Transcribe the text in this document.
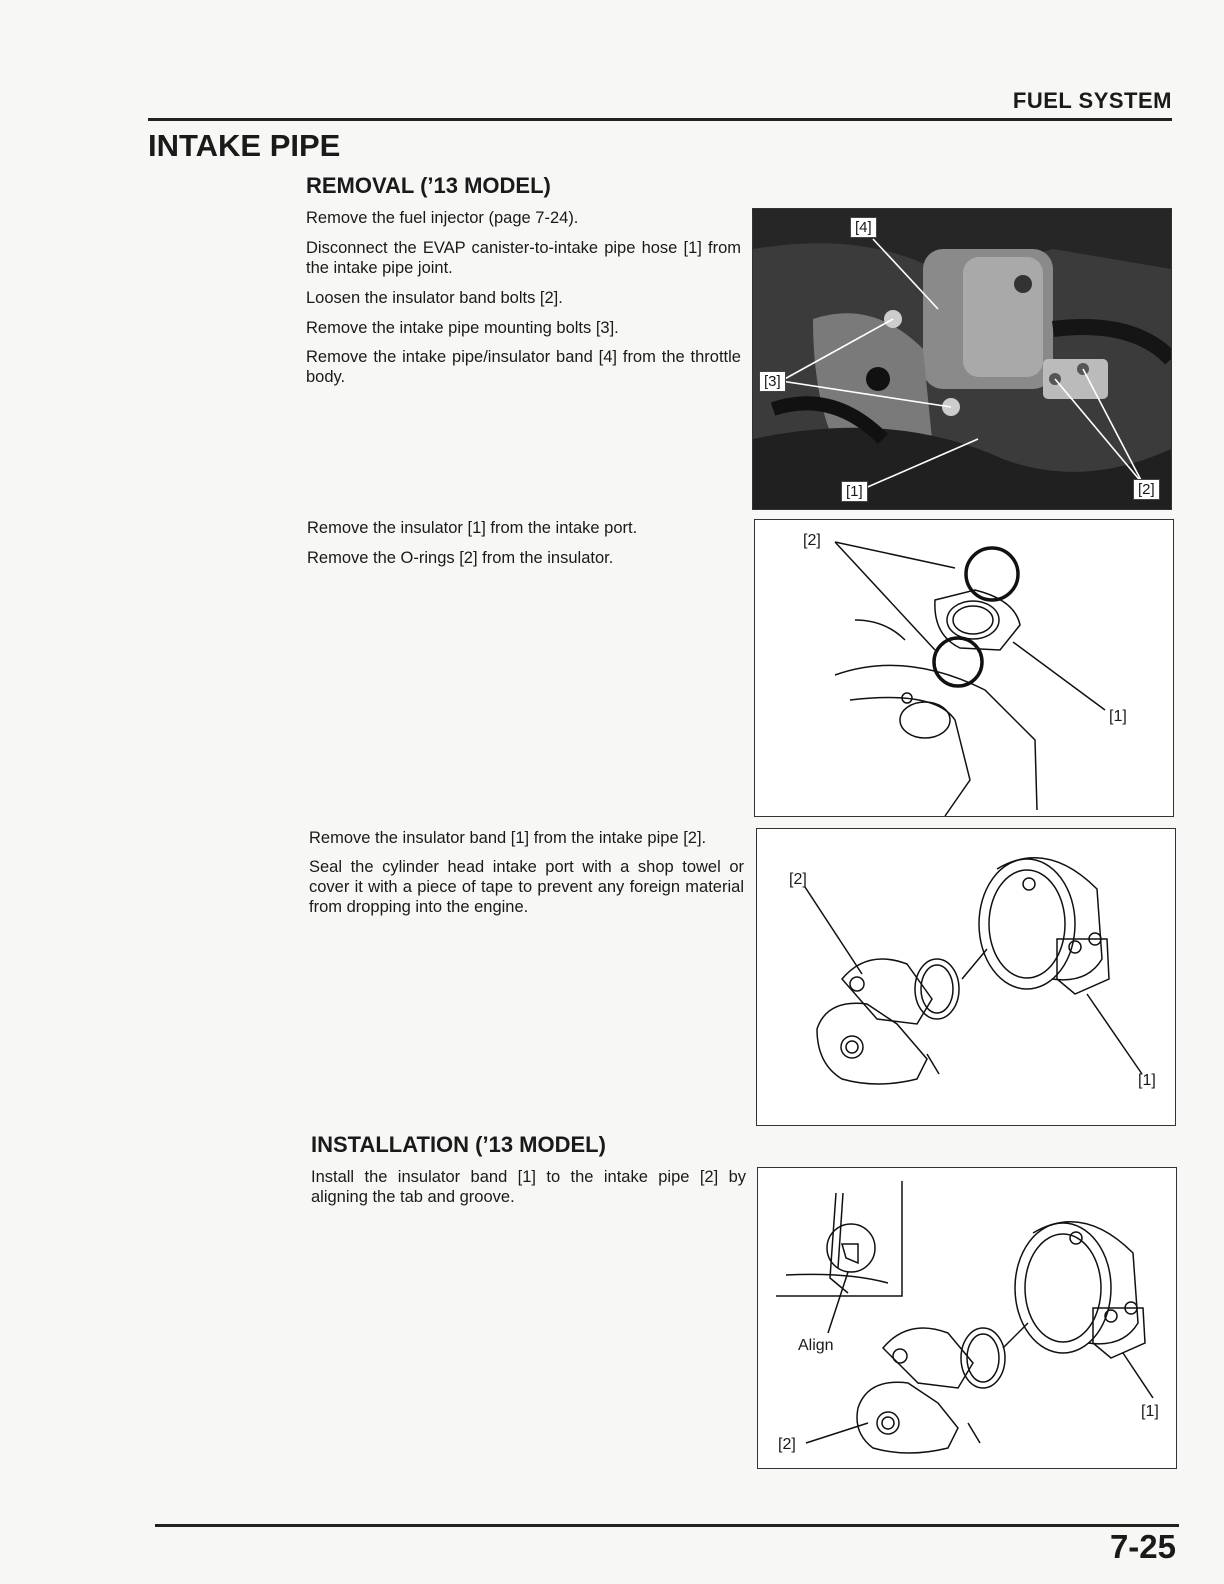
FUEL SYSTEM
INTAKE PIPE
REMOVAL (’13 MODEL)
Remove the fuel injector (page 7-24).
Disconnect the EVAP canister-to-intake pipe hose [1] from the intake pipe joint.
Loosen the insulator band bolts [2].
Remove the intake pipe mounting bolts [3].
Remove the intake pipe/insulator band [4] from the throttle body.
Remove the insulator [1] from the intake port.
Remove the O-rings [2] from the insulator.
Remove the insulator band [1] from the intake pipe [2].
Seal the cylinder head intake port with a shop towel or cover it with a piece of tape to prevent any foreign material from dropping into the engine.
INSTALLATION (’13 MODEL)
Install the insulator band [1] to the intake pipe [2] by aligning the tab and groove.
[4]
[3]
[1]	[2]
[2]
[1]
[2]
[1]
Align
[1]
[2]
7-25
